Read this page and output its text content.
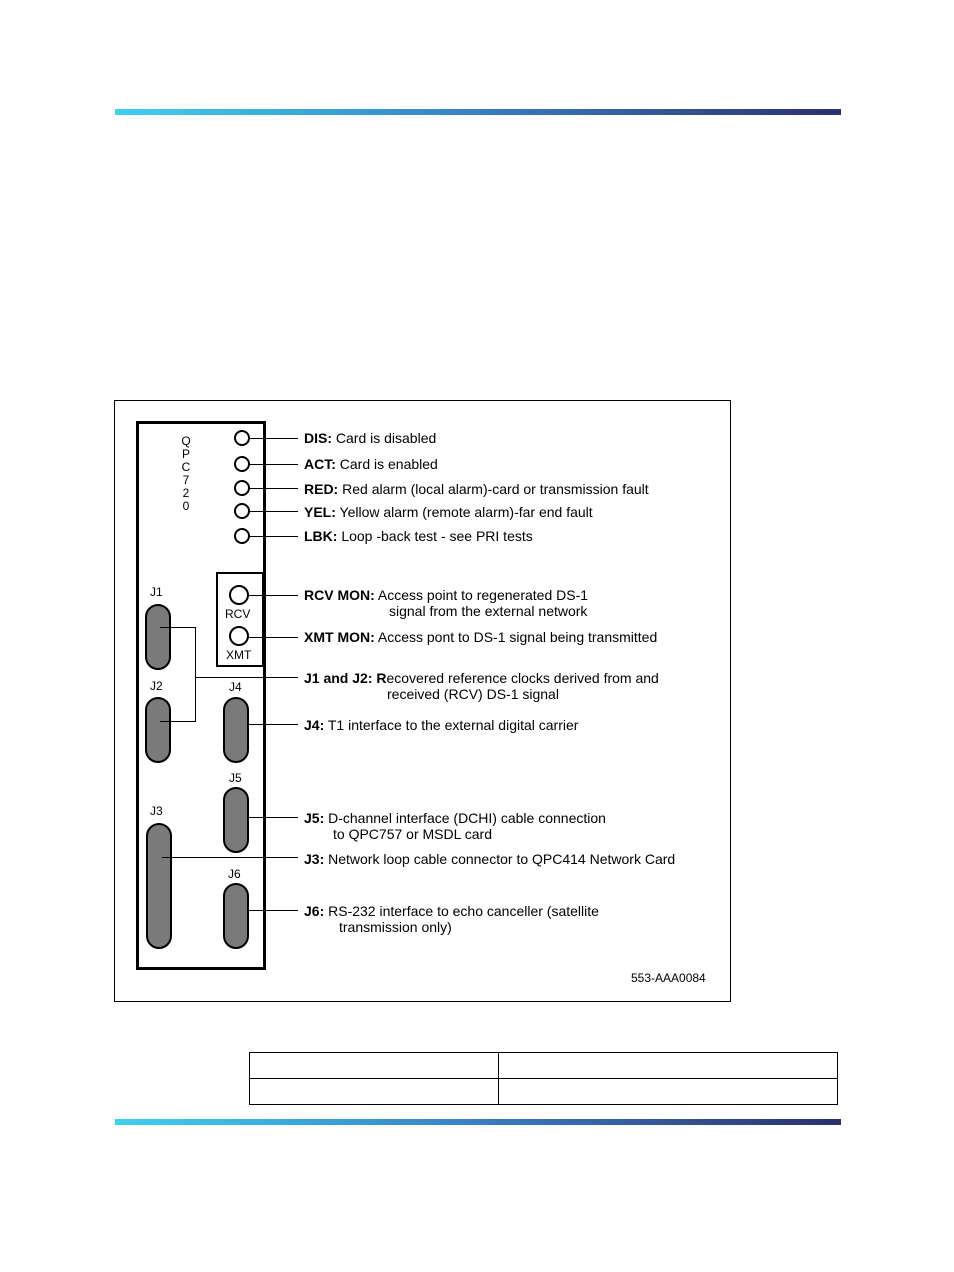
Q
P
C
7
2
0
RCV
XMT
J1
J2	J4
J5
J3
J6
DIS: Card is disabled
ACT: Card is enabled
RED: Red alarm (local alarm)-card or transmission fault
YEL: Yellow alarm (remote alarm)-far end fault
LBK: Loop -back test - see PRI tests
RCV MON: Access point to regenerated DS-1
signal from the external network
XMT MON: Access pont to DS-1 signal being transmitted
J1 and J2: Recovered reference clocks derived from and
received (RCV) DS-1 signal
J4: T1 interface to the external digital carrier
J5: D-channel interface (DCHI) cable connection
to QPC757 or MSDL card
J3: Network loop cable connector to QPC414 Network Card
J6: RS-232 interface to echo canceller (satellite
transmission only)
553-AAA0084
